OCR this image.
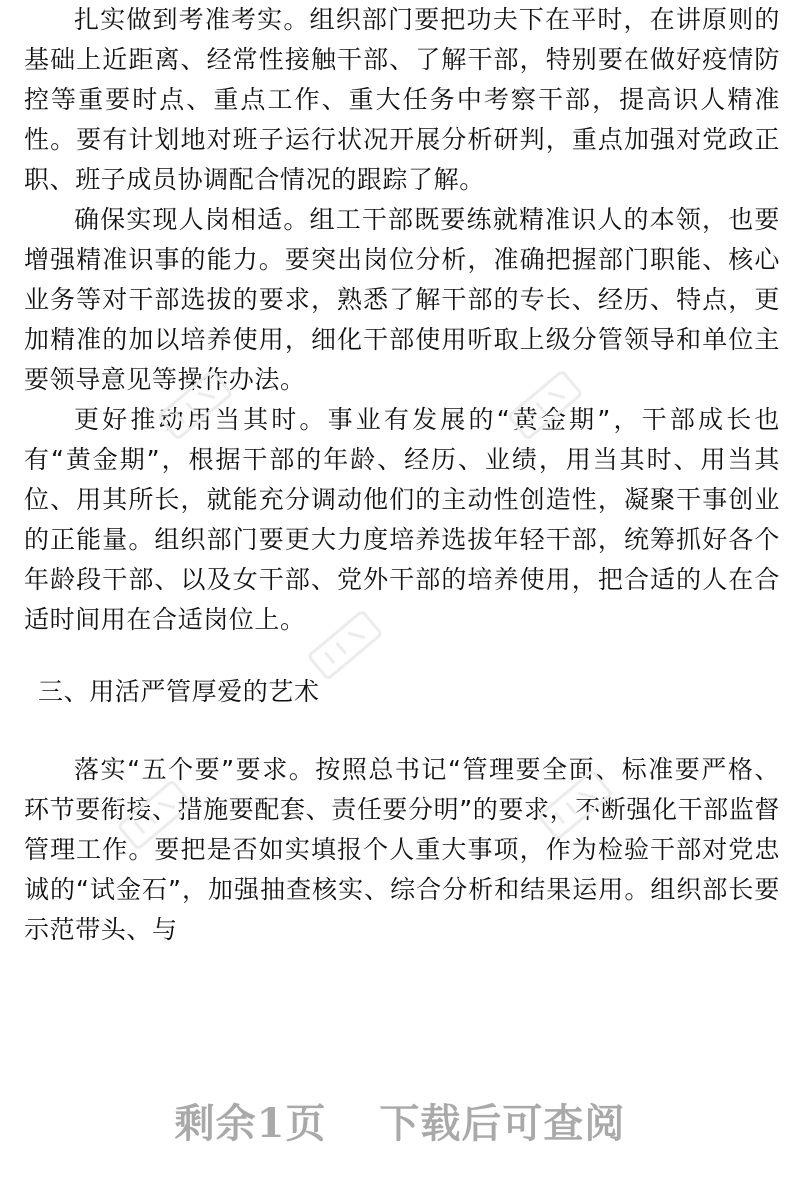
扎实做到考准考实。组织部门要把功夫下在平时，在讲原则的基础上近距离、经常性接触干部、了解干部，特别要在做好疫情防控等重要时点、重点工作、重大任务中考察干部，提高识人精准性。要有计划地对班子运行状况开展分析研判，重点加强对党政正职、班子成员协调配合情况的跟踪了解。

确保实现人岗相适。组工干部既要练就精准识人的本领，也要增强精准识事的能力。要突出岗位分析，准确把握部门职能、核心业务等对干部选拔的要求，熟悉了解干部的专长、经历、特点，更加精准的加以培养使用，细化干部使用听取上级分管领导和单位主要领导意见等操作办法。

更好推动用当其时。事业有发展的“黄金期”，干部成长也有“黄金期”，根据干部的年龄、经历、业绩，用当其时、用当其位、用其所长，就能充分调动他们的主动性创造性，凝聚干事创业的正能量。组织部门要更大力度培养选拔年轻干部，统筹抓好各个年龄段干部、以及女干部、党外干部的培养使用，把合适的人在合适时间用在合适岗位上。

三、用活严管厚爱的艺术

落实“五个要”要求。按照总书记“管理要全面、标准要严格、环节要衔接、措施要配套、责任要分明”的要求，不断强化干部监督管理工作。要把是否如实填报个人重大事项，作为检验干部对党忠诚的“试金石”，加强抽查核实、综合分析和结果运用。组织部长要示范带头、与

剩余1页 下载后可查阅
